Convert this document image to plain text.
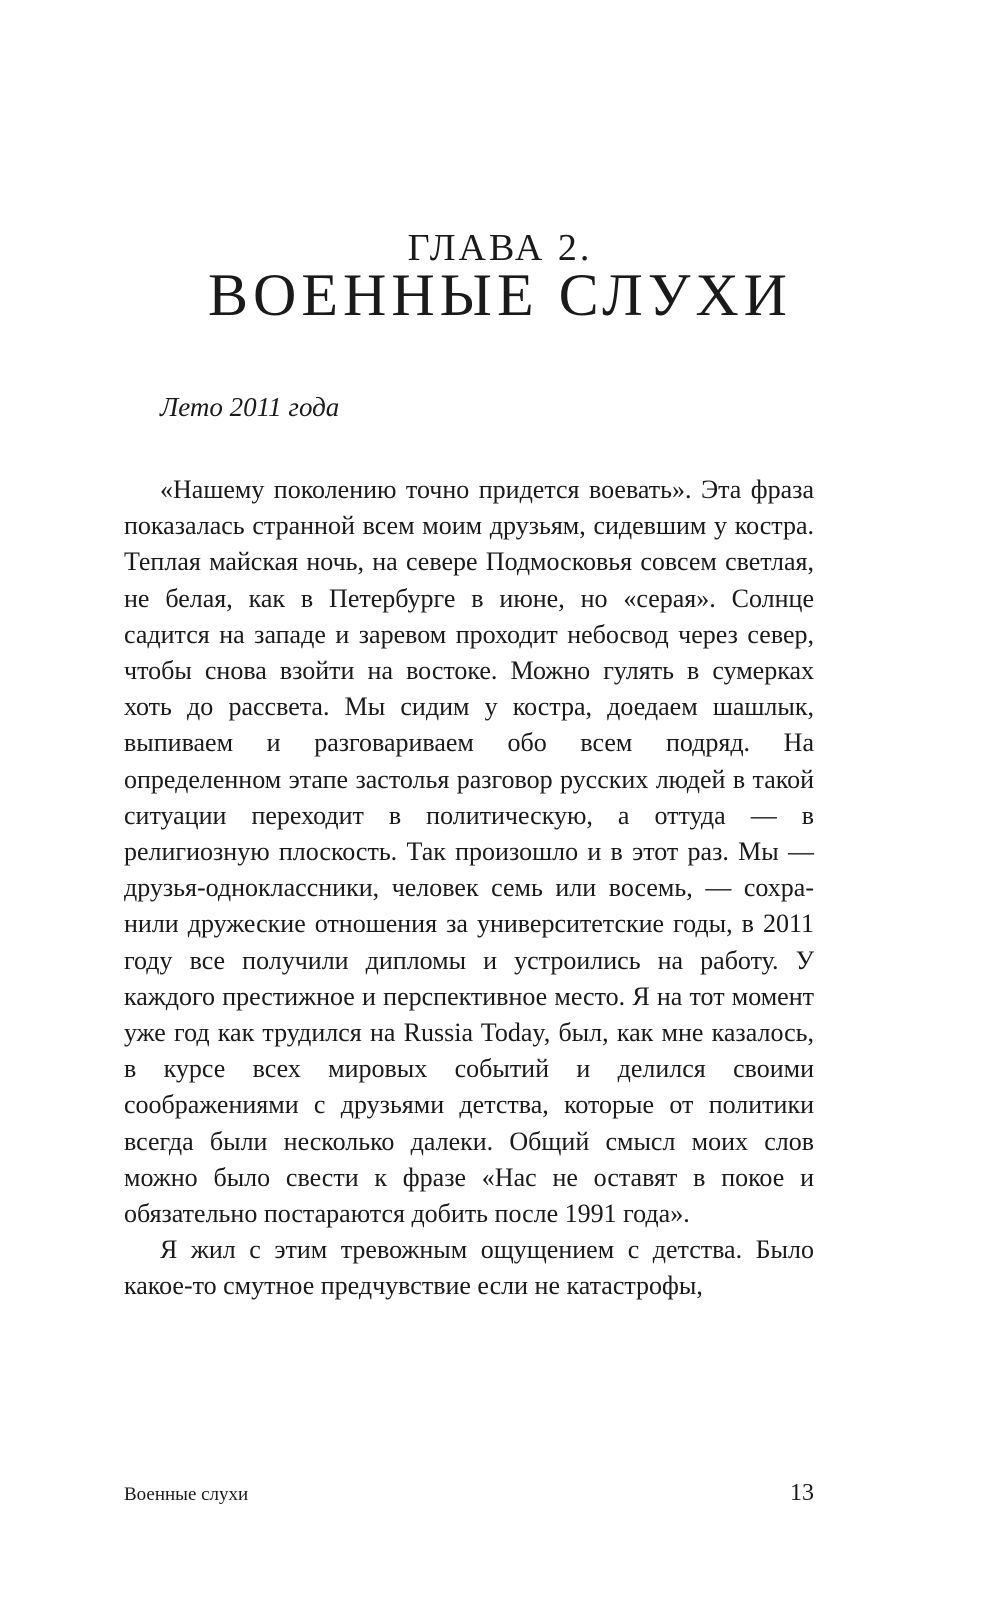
ГЛАВА 2.
ВОЕННЫЕ СЛУХИ
Лето 2011 года

«Нашему поколению точно придется воевать». Эта фраза показалась странной всем моим друзьям, сидевшим у костра. Теплая майская ночь, на севере Подмосковья совсем светлая, не белая, как в Петербурге в июне, но «серая». Солнце садится на западе и заревом проходит небосвод через север, чтобы снова взойти на востоке. Можно гулять в сумерках хоть до рассвета. Мы сидим у костра, доедаем шашлык, выпиваем и разговариваем обо всем подряд. На определенном этапе застолья разговор русских людей в такой ситуации переходит в политическую, а оттуда — в религиозную плоскость. Так произошло и в этот раз. Мы — друзья-одноклассники, человек семь или восемь, — сохранили дружеские отношения за университетские годы, в 2011 году все получили дипломы и устроились на работу. У каждого престижное и перспективное место. Я на тот момент уже год как трудился на Russia Today, был, как мне казалось, в курсе всех мировых событий и делился своими соображениями с друзьями детства, которые от политики всегда были несколько далеки. Общий смысл моих слов можно было свести к фразе «Нас не оставят в покое и обязательно постараются добить после 1991 года».

Я жил с этим тревожным ощущением с детства. Было какое-то смутное предчувствие если не катастрофы,

Военные слухи	13
